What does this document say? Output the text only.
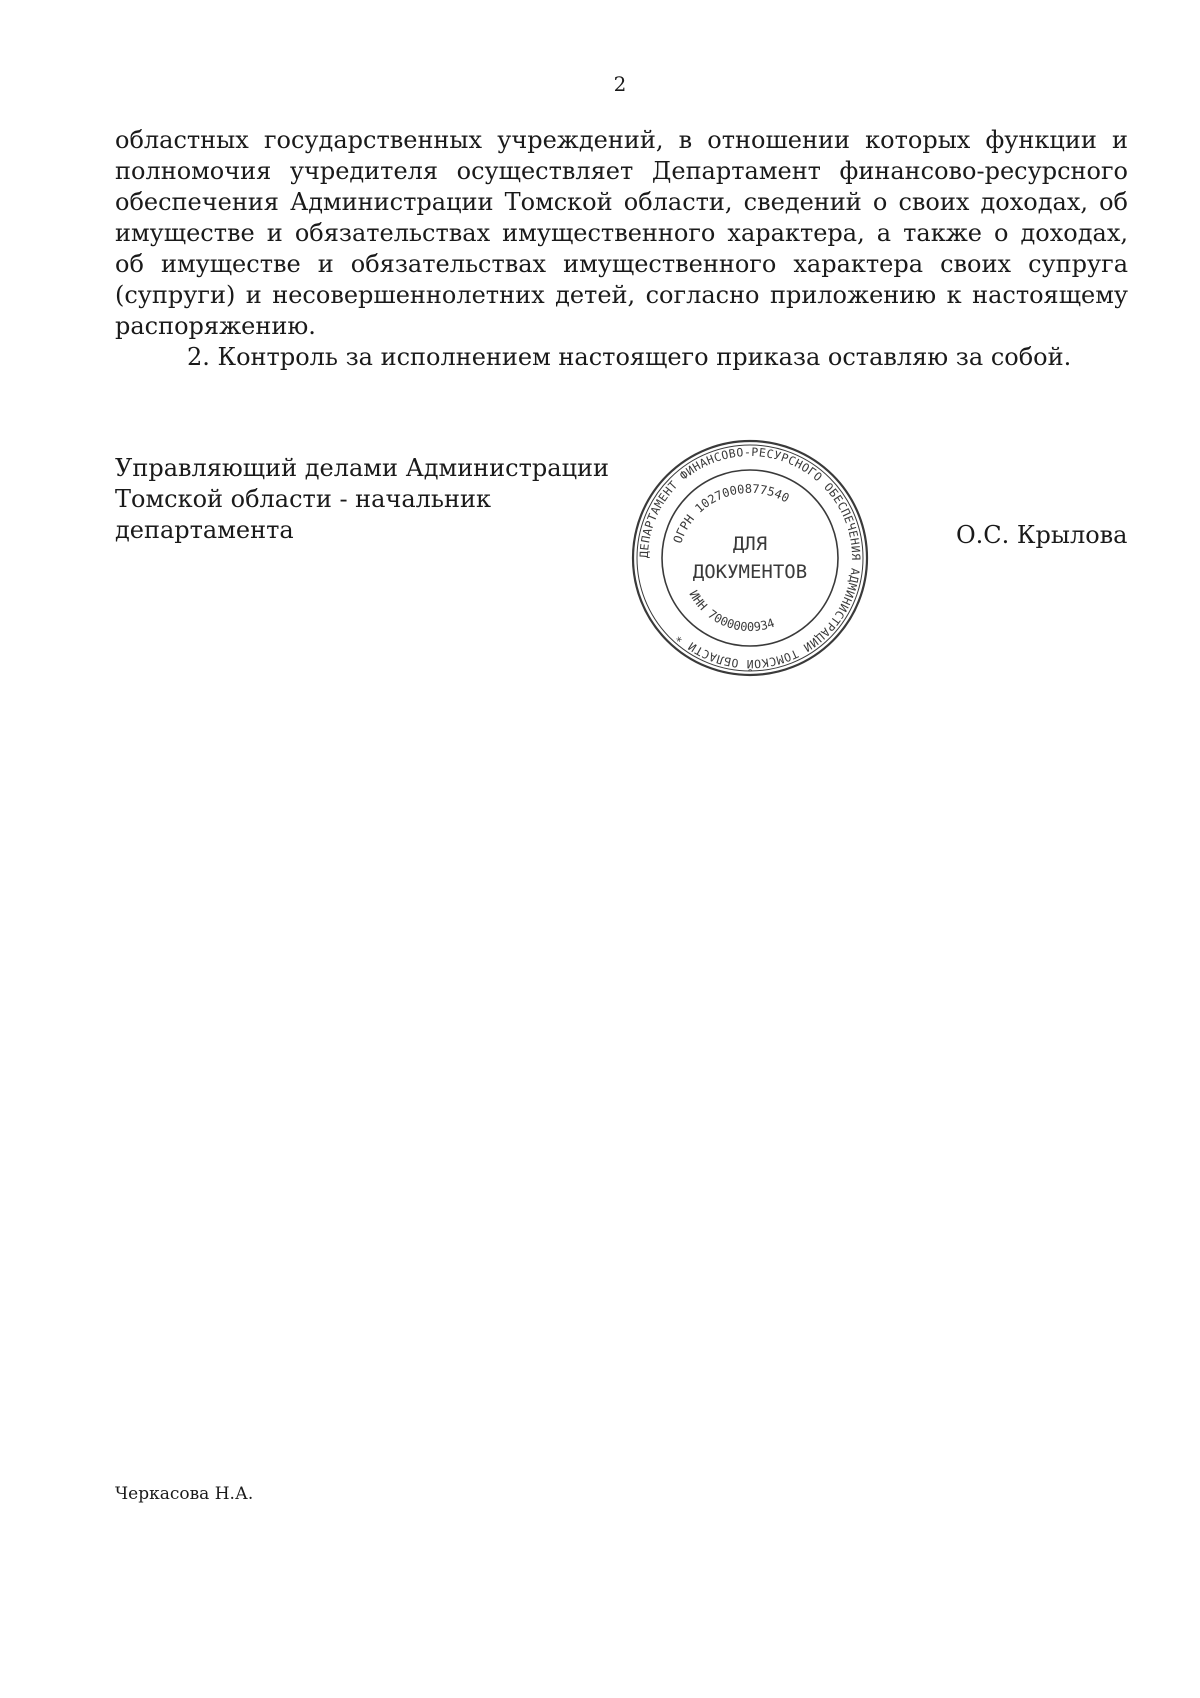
2

областных государственных учреждений, в отношении которых функции и полномочия учредителя осуществляет Департамент финансово-ресурсного обеспечения Администрации Томской области, сведений о своих доходах, об имуществе и обязательствах имущественного характера, а также о доходах, об имуществе и обязательствах имущественного характера своих супруга (супруги) и несовершеннолетних детей, согласно приложению к настоящему распоряжению.

2. Контроль за исполнением настоящего приказа оставляю за собой.

Управляющий делами Администрации
Томской области - начальник
департамента
ДЕПАРТАМЕНТ ФИНАНСОВО-РЕСУРСНОГО ОБЕСПЕЧЕНИЯ АДМИНИСТРАЦИИ ТОМСКОЙ ОБЛАСТИ *
ОГРН 1027000877540
ИНН 7000000934
ДЛЯ
ДОКУМЕНТОВ
О.С. Крылова
Черкасова Н.А.
